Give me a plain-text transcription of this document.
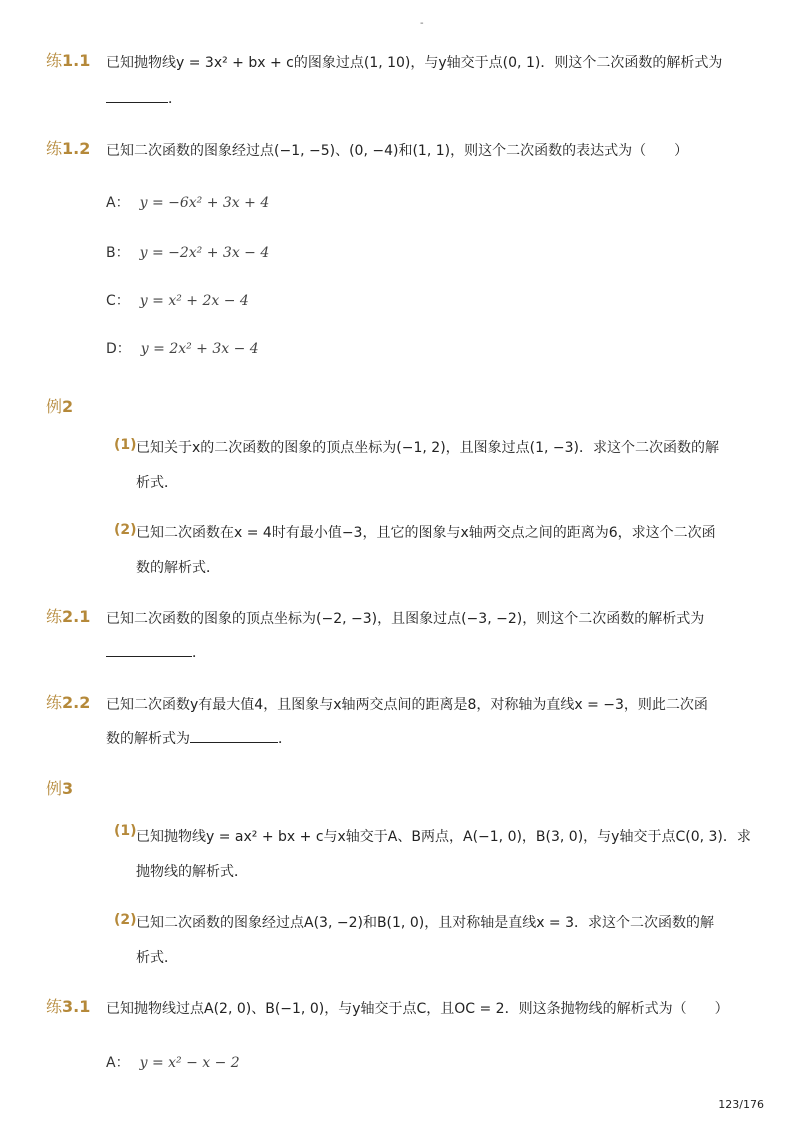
-
练1.1 已知抛物线y = 3x² + bx + c的图象过点(1, 10)，与y轴交于点(0, 1)．则这个二次函数的解析式为
．
练1.2 已知二次函数的图象经过点(−1, −5)、(0, −4)和(1, 1)，则这个二次函数的表达式为（　　）
A： y = −6x² + 3x + 4
B： y = −2x² + 3x − 4
C： y = x² + 2x − 4
D： y = 2x² + 3x − 4
例2
(1) 已知关于x的二次函数的图象的顶点坐标为(−1, 2)，且图象过点(1, −3)．求这个二次函数的解
析式．
(2) 已知二次函数在x = 4时有最小值−3，且它的图象与x轴两交点之间的距离为6，求这个二次函
数的解析式．
练2.1 已知二次函数的图象的顶点坐标为(−2, −3)，且图象过点(−3, −2)，则这个二次函数的解析式为
．
练2.2 已知二次函数y有最大值4，且图象与x轴两交点间的距离是8，对称轴为直线x = −3，则此二次函
数的解析式为	．
例3
(1) 已知抛物线y = ax² + bx + c与x轴交于A、B两点，A(−1, 0)，B(3, 0)，与y轴交于点C(0, 3)．求
抛物线的解析式．
(2) 已知二次函数的图象经过点A(3, −2)和B(1, 0)，且对称轴是直线x = 3．求这个二次函数的解
析式．
练3.1 已知抛物线过点A(2, 0)、B(−1, 0)，与y轴交于点C，且OC = 2．则这条抛物线的解析式为（　　）
A： y = x² − x − 2
123/176
